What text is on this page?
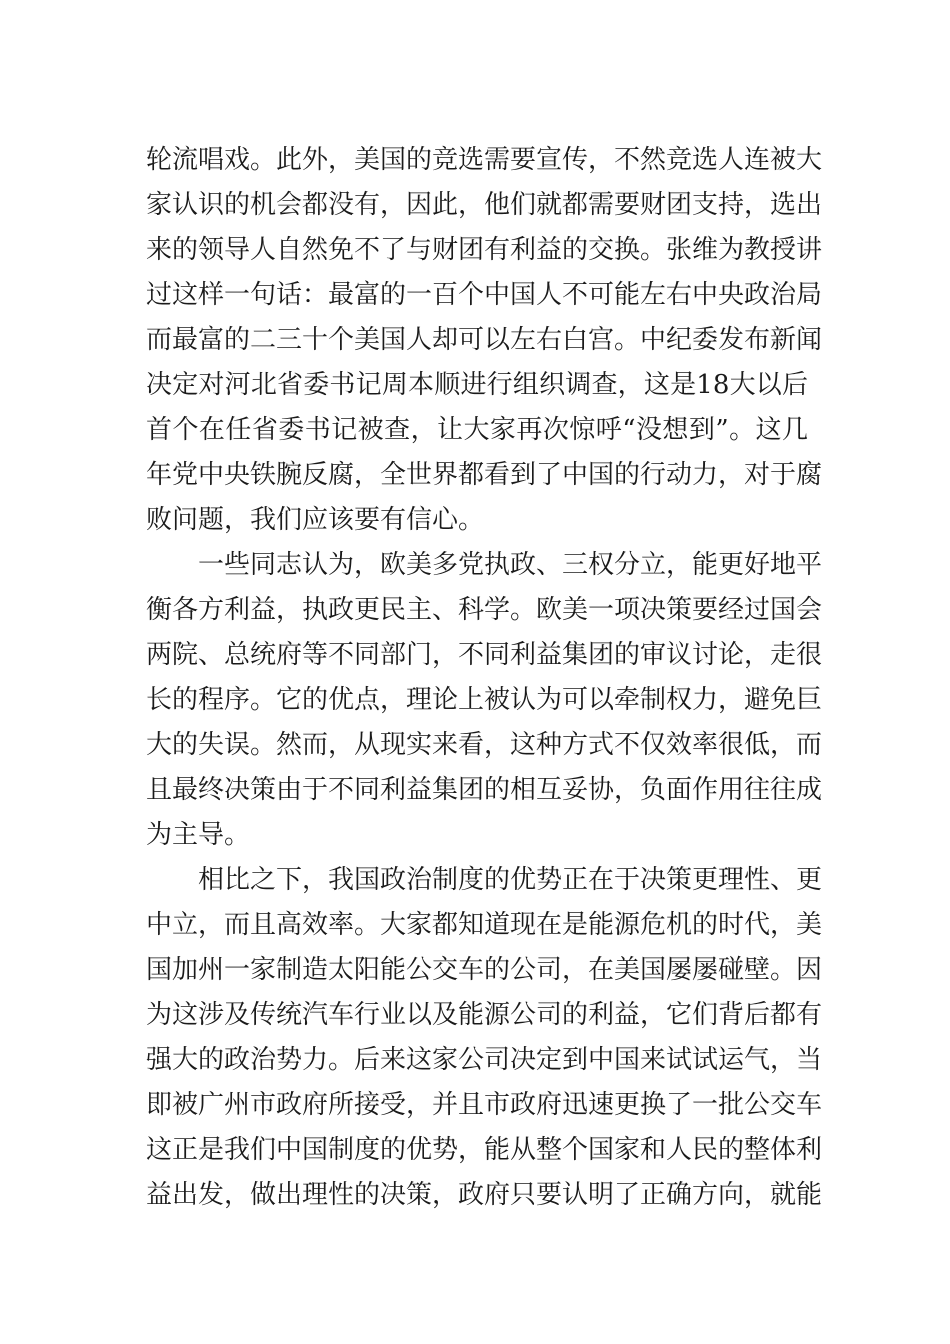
轮流唱戏。此外，美国的竞选需要宣传，不然竞选人连被大
家认识的机会都没有，因此，他们就都需要财团支持，选出
来的领导人自然免不了与财团有利益的交换。张维为教授讲
过这样一句话：最富的一百个中国人不可能左右中央政治局
而最富的二三十个美国人却可以左右白宫。中纪委发布新闻
决定对河北省委书记周本顺进行组织调查，这是18大以后
首个在任省委书记被查，让大家再次惊呼“没想到”。这几
年党中央铁腕反腐，全世界都看到了中国的行动力，对于腐
败问题，我们应该要有信心。
一些同志认为，欧美多党执政、三权分立，能更好地平
衡各方利益，执政更民主、科学。欧美一项决策要经过国会
两院、总统府等不同部门，不同利益集团的审议讨论，走很
长的程序。它的优点，理论上被认为可以牵制权力，避免巨
大的失误。然而，从现实来看，这种方式不仅效率很低，而
且最终决策由于不同利益集团的相互妥协，负面作用往往成
为主导。
相比之下，我国政治制度的优势正在于决策更理性、更
中立，而且高效率。大家都知道现在是能源危机的时代，美
国加州一家制造太阳能公交车的公司，在美国屡屡碰壁。因
为这涉及传统汽车行业以及能源公司的利益，它们背后都有
强大的政治势力。后来这家公司决定到中国来试试运气，当
即被广州市政府所接受，并且市政府迅速更换了一批公交车
这正是我们中国制度的优势，能从整个国家和人民的整体利
益出发，做出理性的决策，政府只要认明了正确方向，就能
